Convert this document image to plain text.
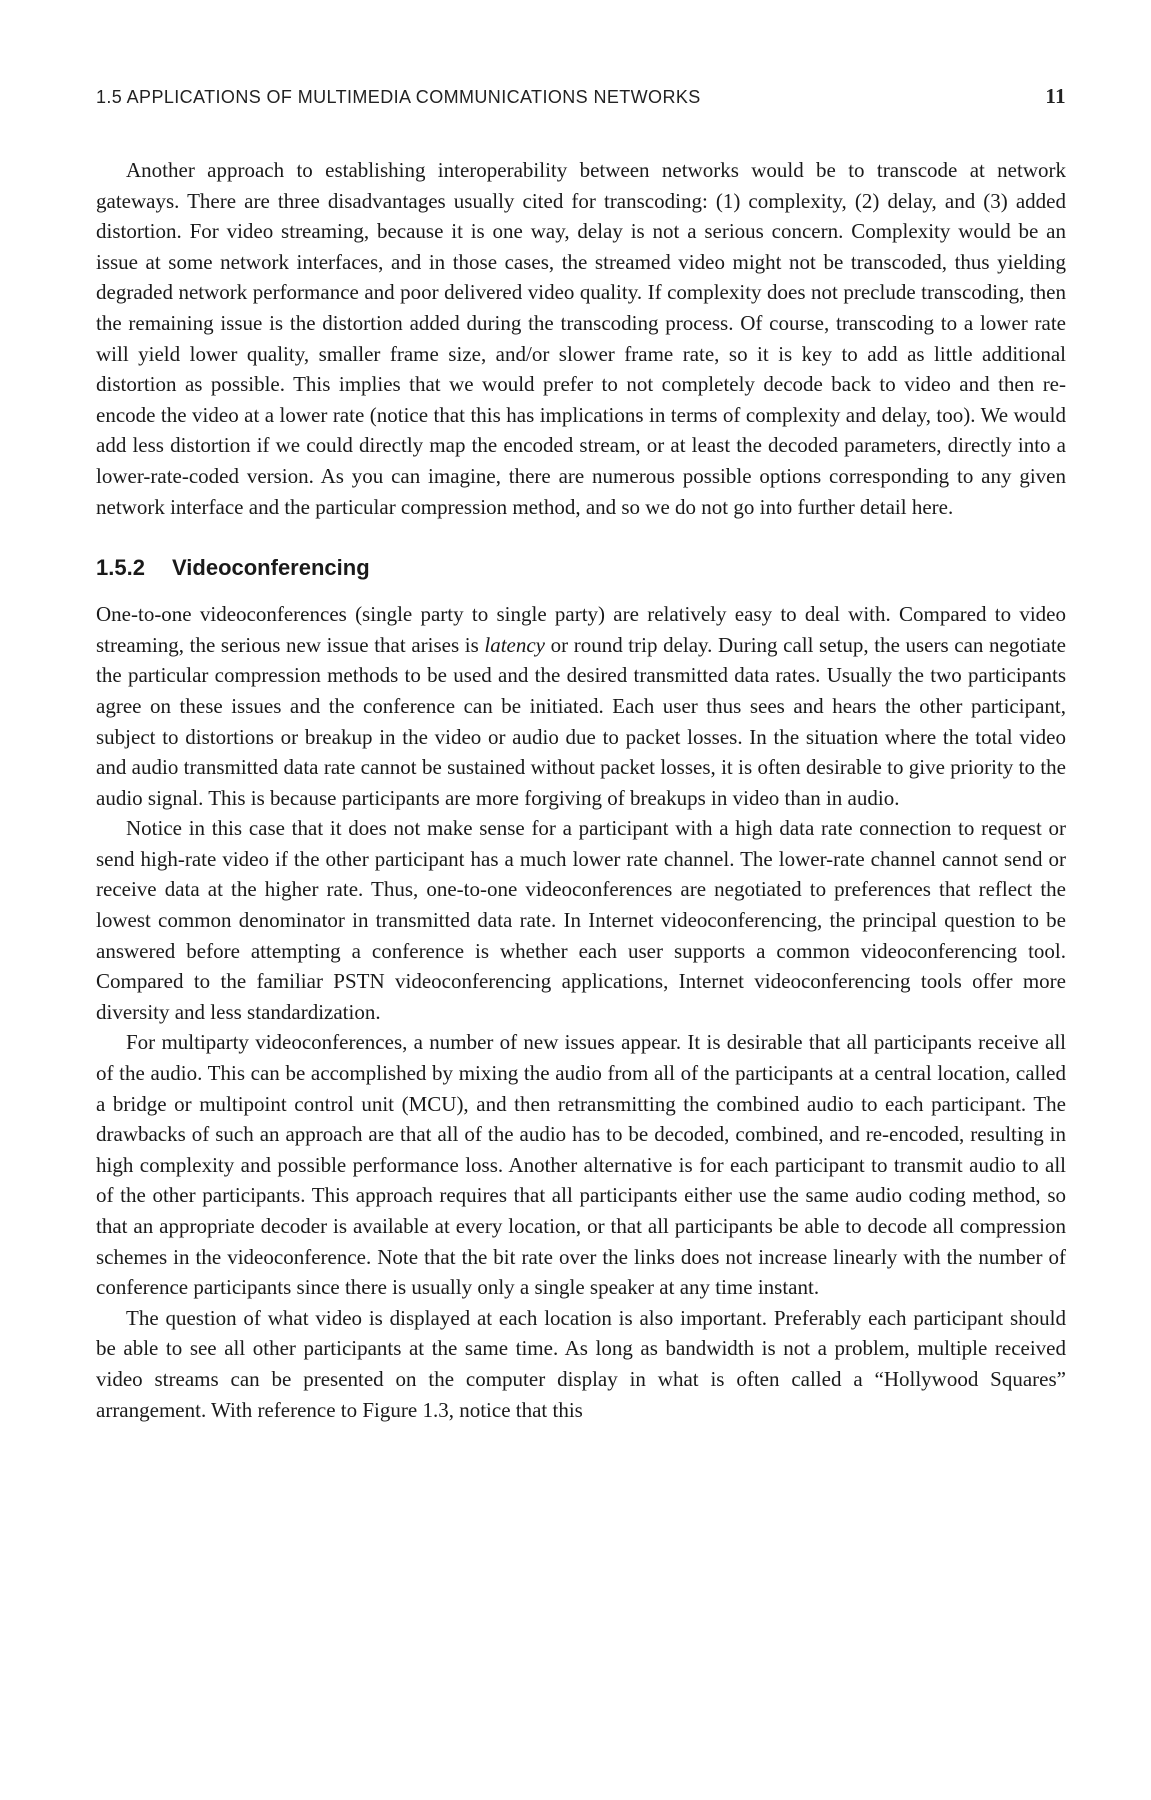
1.5 APPLICATIONS OF MULTIMEDIA COMMUNICATIONS NETWORKS	11

Another approach to establishing interoperability between networks would be to transcode at network gateways. There are three disadvantages usually cited for transcoding: (1) complexity, (2) delay, and (3) added distortion. For video streaming, because it is one way, delay is not a serious concern. Complexity would be an issue at some network interfaces, and in those cases, the streamed video might not be transcoded, thus yielding degraded network performance and poor delivered video quality. If complexity does not preclude transcoding, then the remaining issue is the distortion added during the transcoding process. Of course, transcoding to a lower rate will yield lower quality, smaller frame size, and/or slower frame rate, so it is key to add as little additional distortion as possible. This implies that we would prefer to not completely decode back to video and then re-encode the video at a lower rate (notice that this has implications in terms of complexity and delay, too). We would add less distortion if we could directly map the encoded stream, or at least the decoded parameters, directly into a lower-rate-coded version. As you can imagine, there are numerous possible options corresponding to any given network interface and the particular compression method, and so we do not go into further detail here.

1.5.2	Videoconferencing

One-to-one videoconferences (single party to single party) are relatively easy to deal with. Compared to video streaming, the serious new issue that arises is latency or round trip delay. During call setup, the users can negotiate the particular compression methods to be used and the desired transmitted data rates. Usually the two participants agree on these issues and the conference can be initiated. Each user thus sees and hears the other participant, subject to distortions or breakup in the video or audio due to packet losses. In the situation where the total video and audio transmitted data rate cannot be sustained without packet losses, it is often desirable to give priority to the audio signal. This is because participants are more forgiving of breakups in video than in audio.

Notice in this case that it does not make sense for a participant with a high data rate connection to request or send high-rate video if the other participant has a much lower rate channel. The lower-rate channel cannot send or receive data at the higher rate. Thus, one-to-one videoconferences are negotiated to preferences that reflect the lowest common denominator in transmitted data rate. In Internet videoconferencing, the principal question to be answered before attempting a conference is whether each user supports a common videoconferencing tool. Compared to the familiar PSTN videoconferencing applications, Internet videoconferencing tools offer more diversity and less standardization.

For multiparty videoconferences, a number of new issues appear. It is desirable that all participants receive all of the audio. This can be accomplished by mixing the audio from all of the participants at a central location, called a bridge or multipoint control unit (MCU), and then retransmitting the combined audio to each participant. The drawbacks of such an approach are that all of the audio has to be decoded, combined, and re-encoded, resulting in high complexity and possible performance loss. Another alternative is for each participant to transmit audio to all of the other participants. This approach requires that all participants either use the same audio coding method, so that an appropriate decoder is available at every location, or that all participants be able to decode all compression schemes in the videoconference. Note that the bit rate over the links does not increase linearly with the number of conference participants since there is usually only a single speaker at any time instant.

The question of what video is displayed at each location is also important. Preferably each participant should be able to see all other participants at the same time. As long as bandwidth is not a problem, multiple received video streams can be presented on the computer display in what is often called a “Hollywood Squares” arrangement. With reference to Figure 1.3, notice that this
